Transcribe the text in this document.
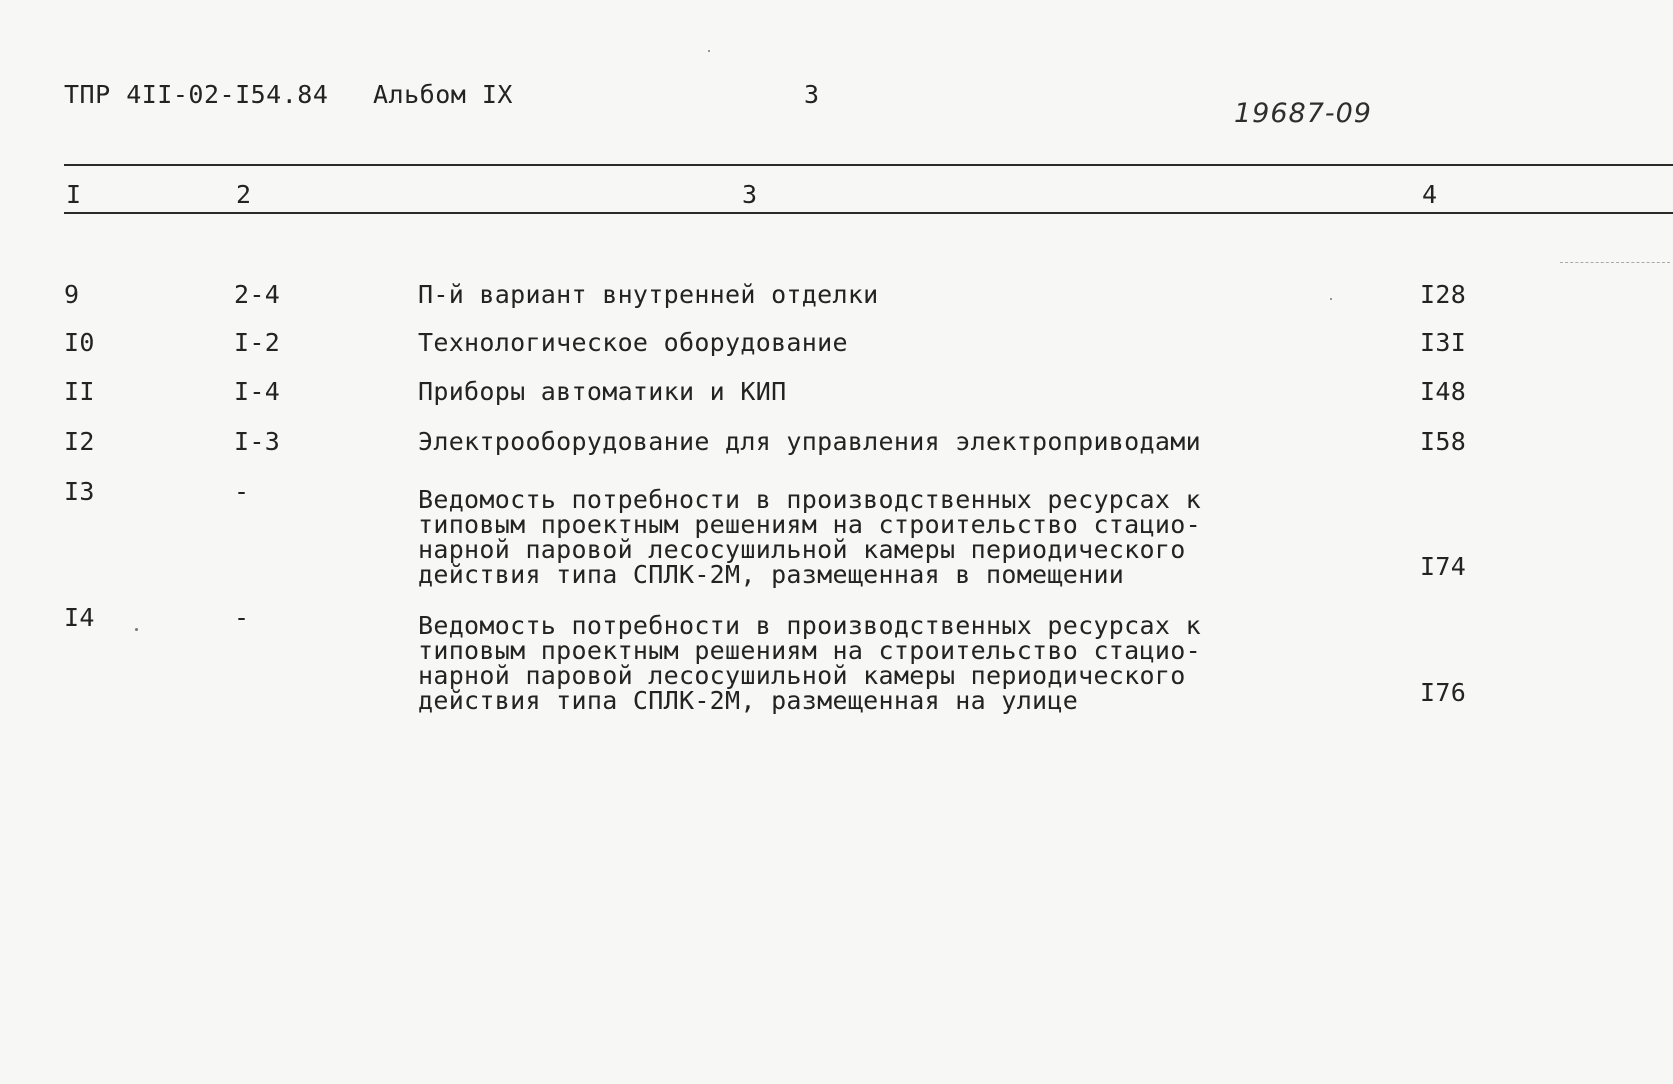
ТПР 4II-02-I54.84 Альбом IX	3
19687-09
I	2	3	4
9	2-4	П-й вариант внутренней отделки	I28
I0	I-2	Технологическое оборудование	I3I
II	I-4	Приборы автоматики и КИП	I48
I2	I-3	Электрооборудование для управления электроприводами	I58
I3	-	Ведомость потребности в производственных ресурсах к
типовым проектным решениям на строительство стацио-
нарной паровой лесосушильной камеры периодического
действия типа СПЛК-2М, размещенная в помещении	I74
I4	-	Ведомость потребности в производственных ресурсах к
типовым проектным решениям на строительство стацио-
нарной паровой лесосушильной камеры периодического
действия типа СПЛК-2М, размещенная на улице	I76
